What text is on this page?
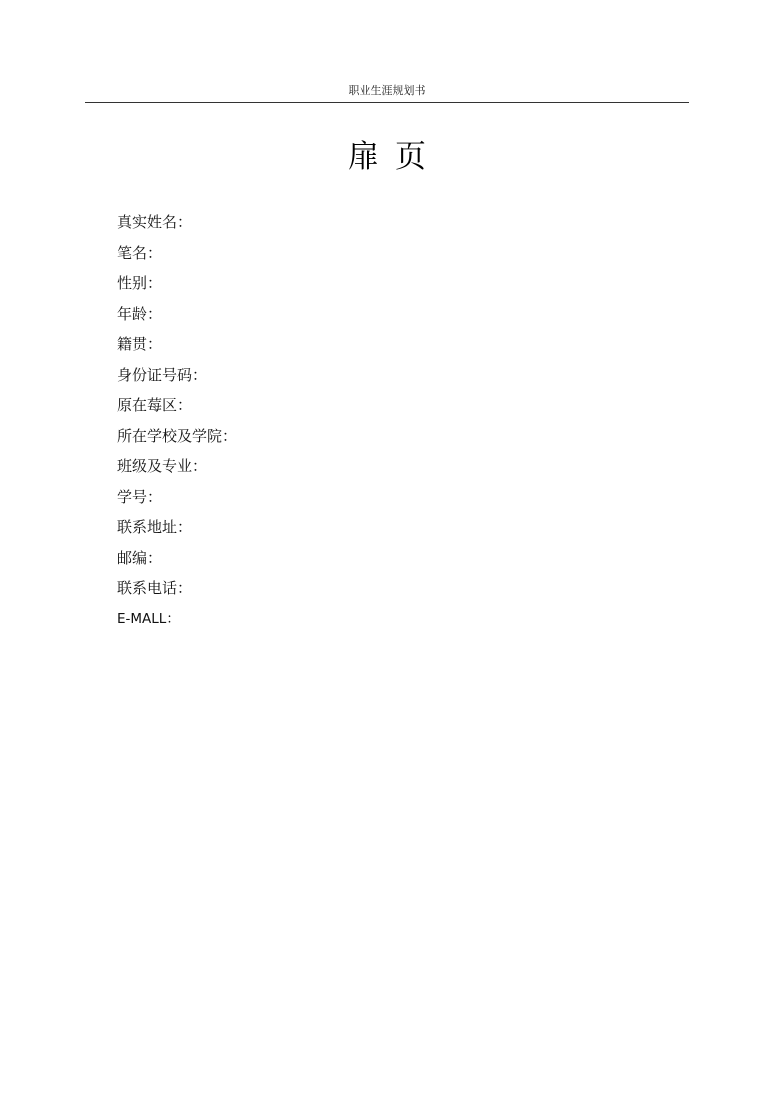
职业生涯规划书
扉页
真实姓名：
笔名：
性别：
年龄：
籍贯：
身份证号码：
原在莓区：
所在学校及学院：
班级及专业：
学号：
联系地址：
邮编：
联系电话：
E-MALL：
